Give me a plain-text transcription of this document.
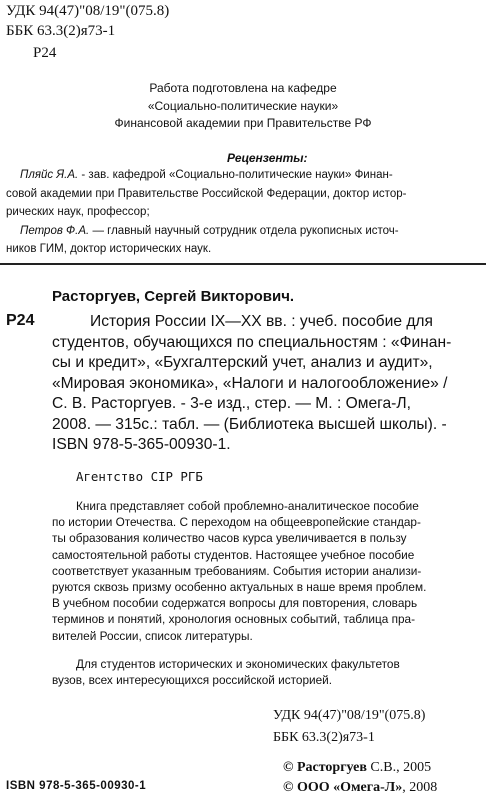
УДК 94(47)"08/19"(075.8)
ББК 63.3(2)я73-1
Р24
Работа подготовлена на кафедре
«Социально-политические науки»
Финансовой академии при Правительстве РФ
Рецензенты:
Пляйс Я.А. - зав. кафедрой «Социально-политические науки» Финан-
совой академии при Правительстве Российской Федерации, доктор истор-
рических наук, профессор;
Петров Ф.А. — главный научный сотрудник отдела рукописных источ-
ников ГИМ, доктор исторических наук.
Расторгуев, Сергей Викторович.
Р24	История России IX—XX вв. : учеб. пособие для
студентов, обучающихся по специальностям : «Финан-
сы и кредит», «Бухгалтерский учет, анализ и аудит»,
«Мировая экономика», «Налоги и налогообложение» /
С. В. Расторгуев. - 3-е изд., стер. — М. : Омега-Л,
2008. — 315с.: табл. — (Библиотека высшей школы). -
ISBN 978-5-365-00930-1.
Агентство CIP РГБ
Книга представляет собой проблемно-аналитическое пособие
по истории Отечества. С переходом на общеевропейские стандар-
ты образования количество часов курса увеличивается в пользу
самостоятельной работы студентов. Настоящее учебное пособие
соответствует указанным требованиям. События истории анализи-
руются сквозь призму особенно актуальных в наше время проблем.
В учебном пособии содержатся вопросы для повторения, словарь
терминов и понятий, хронология основных событий, таблица пра-
вителей России, список литературы.
Для студентов исторических и экономических факультетов
вузов, всех интересующихся российской историей.
УДК 94(47)"08/19"(075.8)
ББК 63.3(2)я73-1
ISBN 978-5-365-00930-1
© Расторгуев С.В., 2005
© ООО «Омега-Л», 2008
